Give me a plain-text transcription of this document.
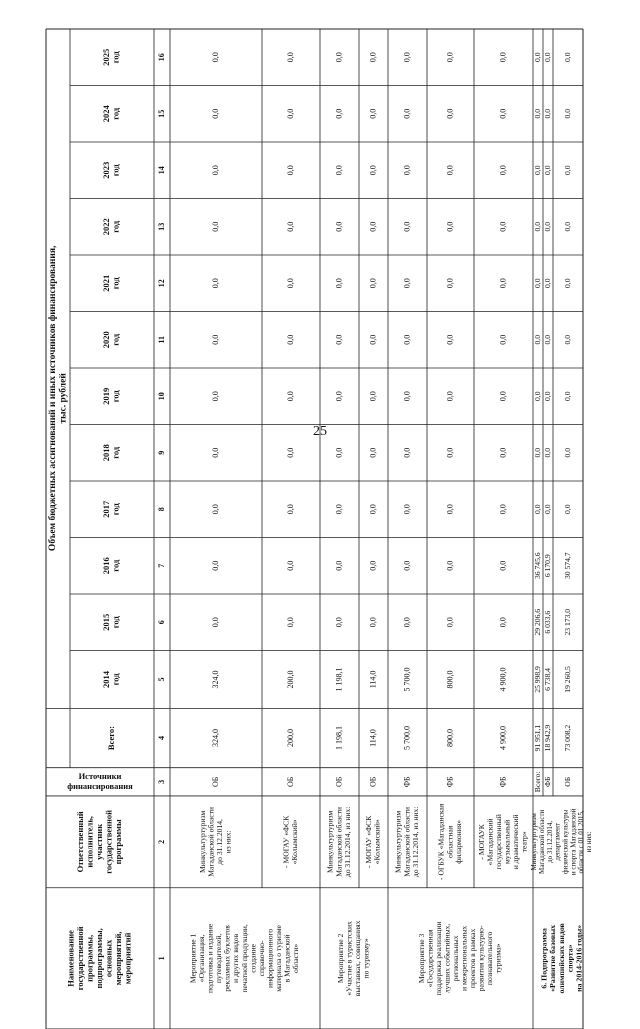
25
Наименование государственной программы, подпрограммы, основных мероприятий, мероприятий
Ответственный исполнитель, участник государственной программы
Источники
финансирования
Объем бюджетных ассигнований и иных источников финансирования, тыс. рублей
Всего:
2014 год
2015 год
2016 год
2017 год
2018 год
2019 год
2020 год
2021 год
2022 год
2023 год
2024 год
2025 год
1
2
3
4
5
6
7
8
9
10
11
12
13
14
15
16
Мероприятие 1 «Организация, подготовка и издание путеводителей, рекламных буклетов и других видов печатной продукции, создание справочно- информационного материала о туризме в Магаданской области»	Мероприятие 2 «Участие в туристских выставках, совещаниях по туризму»	Мероприятие 3 «Государственная поддержка реализации лучших событийных, региональных и межрегиональных проектов в рамках развития культурно- познавательного туризма»
Минкультуртуризм Магаданской области до 31.12.2014, из них:
ОБ
324,0
324,0
0,0
0,0
0,0
0,0
0,0
0,0
0,0
0,0
0,0
0,0
0,0
- МОГАУ «ФСК «Колымский»
ОБ
200,0
200,0
0,0
0,0
0,0
0,0
0,0
0,0
0,0
0,0
0,0
0,0
0,0
Минкультуртуризм Магаданской области до 31.12.2014, из них:
ОБ
1 198,1
1 198,1
0,0
0,0
0,0
0,0
0,0
0,0
0,0
0,0
0,0
0,0
0,0
- МОГАУ «ФСК «Колымский»
ОБ
114,0
114,0
0,0
0,0
0,0
0,0
0,0
0,0
0,0
0,0
0,0
0,0
0,0
Минкультуртуризм Магаданской области до 31.12.2014, из них:
ФБ
5 700,0
5 700,0
0,0
0,0
0,0
0,0
0,0
0,0
0,0
0,0
0,0
0,0
0,0
- ОГБУК «Магаданская областная филармония»
ФБ
800,0
800,0
0,0
0,0
0,0
0,0
0,0
0,0
0,0
0,0
0,0
0,0
0,0
- МОГАУК «Магаданский государственный музыкальный и драматический театр»
ФБ
4 900,0
4 900,0
0,0
0,0
0,0
0,0
0,0
0,0
0,0
0,0
0,0
0,0
0,0
6. Подпрограмма «Развитие базовых олимпийских видов спорта» на 2014-2016 годы»
Минкультуртуризм Магаданской области до 31.12.2014, департамент физической культуры и спорта Магаданской области с 01.01.2015, из них:
Всего:
91 951,1
25 998,9
29 206,6
36 745,6
0,0
0,0
0,0
0,0
0,0
0,0
0,0
0,0
0,0
ФБ
18 942,9
6 738,4
6 033,6
6 170,9
0,0
0,0
0,0
0,0
0,0
0,0
0,0
0,0
0,0
ОБ
73 008,2
19 260,5
23 173,0
30 574,7
0,0
0,0
0,0
0,0
0,0
0,0
0,0
0,0
0,0
